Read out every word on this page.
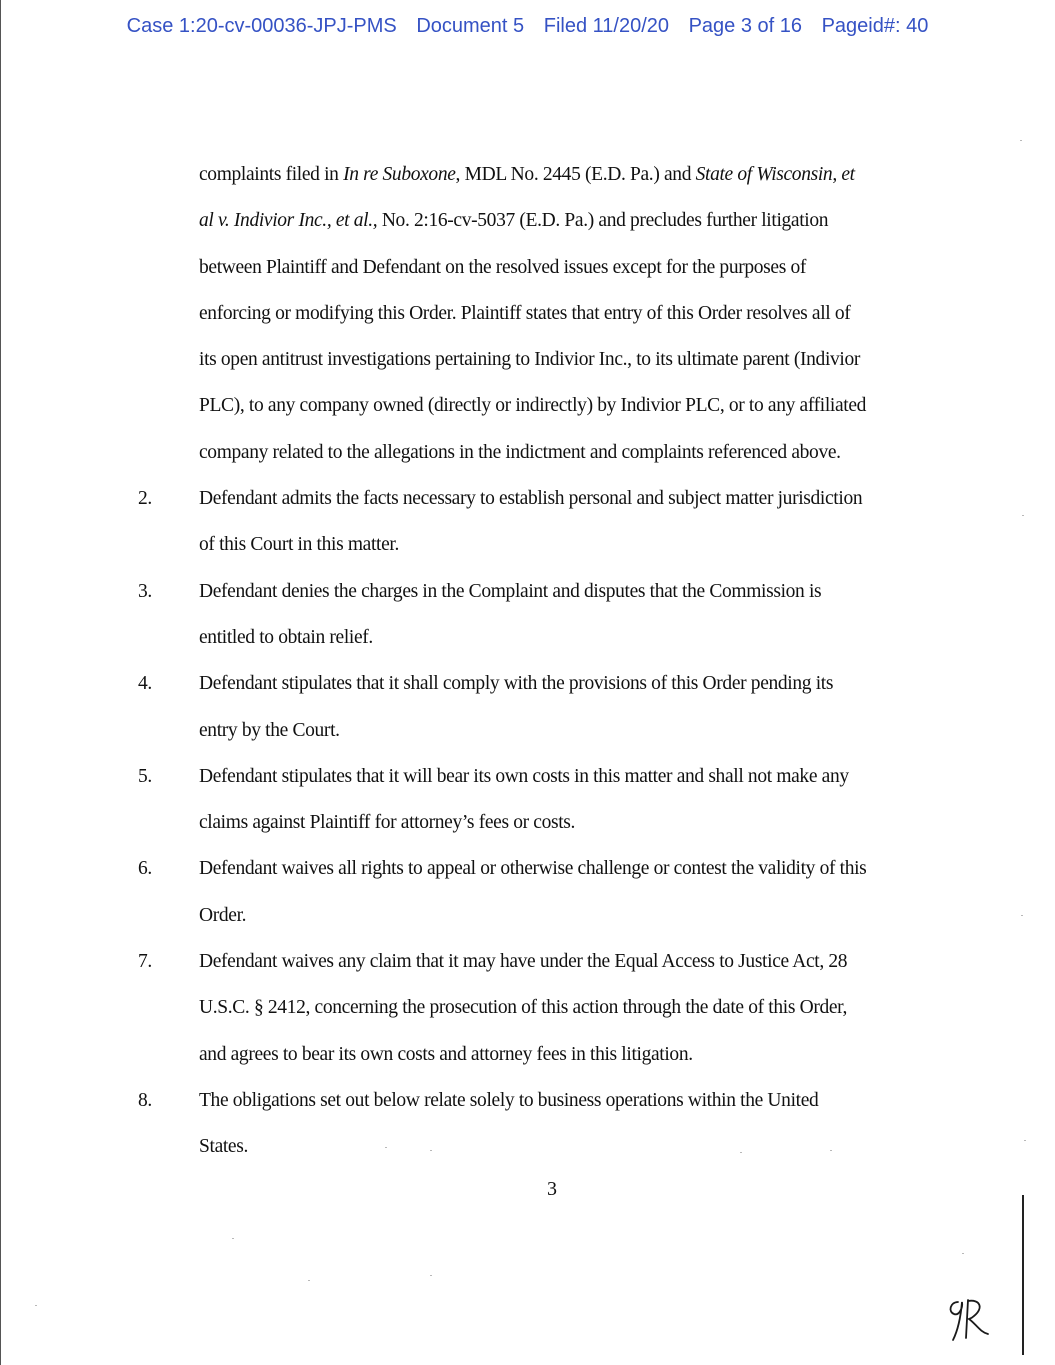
Case 1:20-cv-00036-JPJ-PMS Document 5 Filed 11/20/20 Page 3 of 16 Pageid#: 40
complaints filed in In re Suboxone, MDL No. 2445 (E.D. Pa.) and State of Wisconsin, et
al v. Indivior Inc., et al., No. 2:16-cv-5037 (E.D. Pa.) and precludes further litigation
between Plaintiff and Defendant on the resolved issues except for the purposes of
enforcing or modifying this Order. Plaintiff states that entry of this Order resolves all of
its open antitrust investigations pertaining to Indivior Inc., to its ultimate parent (Indivior
PLC), to any company owned (directly or indirectly) by Indivior PLC, or to any affiliated
company related to the allegations in the indictment and complaints referenced above.
2. Defendant admits the facts necessary to establish personal and subject matter jurisdiction
of this Court in this matter.
3. Defendant denies the charges in the Complaint and disputes that the Commission is
entitled to obtain relief.
4. Defendant stipulates that it shall comply with the provisions of this Order pending its
entry by the Court.
5. Defendant stipulates that it will bear its own costs in this matter and shall not make any
claims against Plaintiff for attorney’s fees or costs.
6. Defendant waives all rights to appeal or otherwise challenge or contest the validity of this
Order.
7. Defendant waives any claim that it may have under the Equal Access to Justice Act, 28
U.S.C. § 2412, concerning the prosecution of this action through the date of this Order,
and agrees to bear its own costs and attorney fees in this litigation.
8. The obligations set out below relate solely to business operations within the United
States.
3
